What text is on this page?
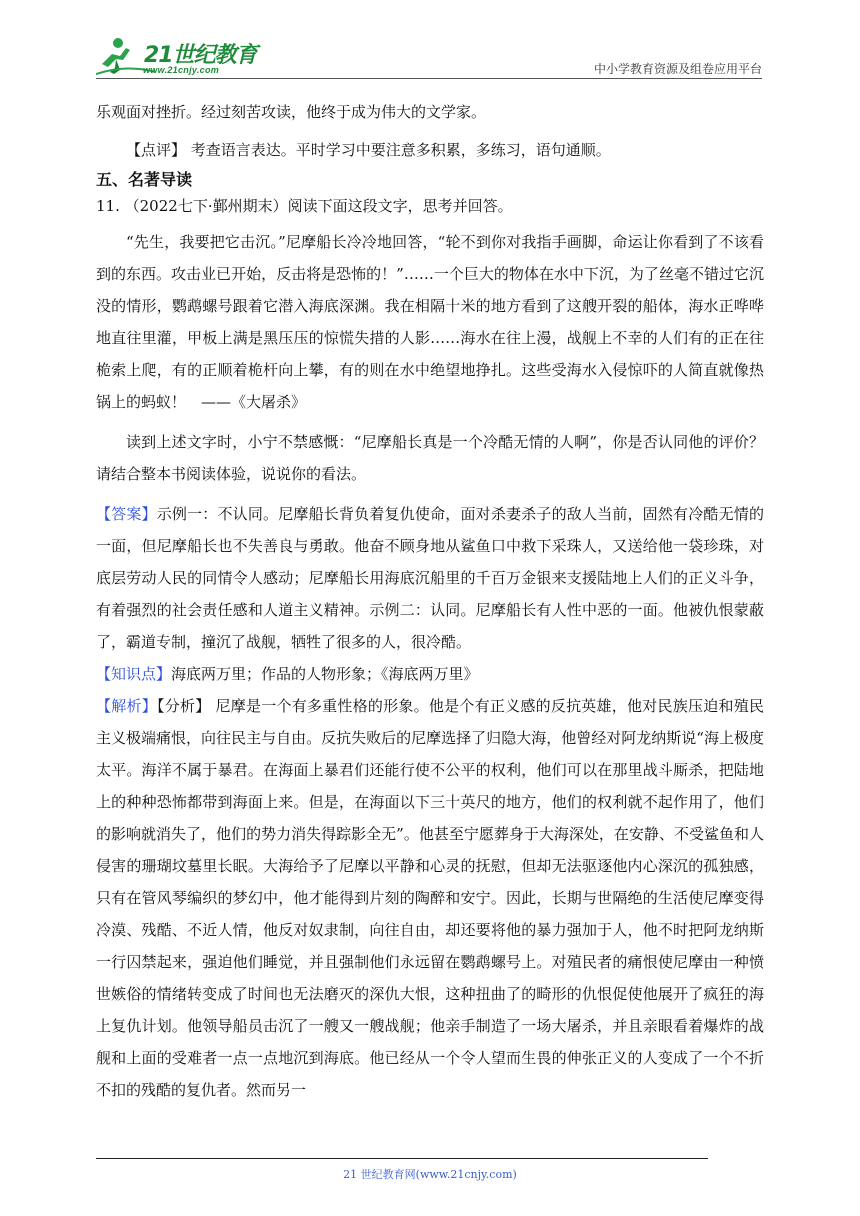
www.21cnjy.com
21世纪教育
中小学教育资源及组卷应用平台

乐观面对挫折。经过刻苦攻读，他终于成为伟大的文学家。

【点评】 考查语言表达。平时学习中要注意多积累，多练习，语句通顺。

五、名著导读

11. （2022七下·鄞州期末）阅读下面这段文字，思考并回答。

“先生，我要把它击沉。”尼摩船长冷冷地回答，“轮不到你对我指手画脚，命运让你看到了不该看到的东西。攻击业已开始，反击将是恐怖的！”……一个巨大的物体在水中下沉，为了丝毫不错过它沉没的情形，鹦鹉螺号跟着它潜入海底深渊。我在相隔十米的地方看到了这艘开裂的船体，海水正哗哗地直往里灌，甲板上满是黑压压的惊慌失措的人影……海水在往上漫，战舰上不幸的人们有的正在往桅索上爬，有的正顺着桅杆向上攀，有的则在水中绝望地挣扎。这些受海水入侵惊吓的人简直就像热锅上的蚂蚁！　——《大屠杀》

读到上述文字时，小宁不禁感慨：“尼摩船长真是一个冷酷无情的人啊”，你是否认同他的评价？请结合整本书阅读体验，说说你的看法。

【答案】示例一：不认同。尼摩船长背负着复仇使命，面对杀妻杀子的敌人当前，固然有冷酷无情的一面，但尼摩船长也不失善良与勇敢。他奋不顾身地从鲨鱼口中救下采珠人，又送给他一袋珍珠，对底层劳动人民的同情令人感动；尼摩船长用海底沉船里的千百万金银来支援陆地上人们的正义斗争，有着强烈的社会责任感和人道主义精神。示例二：认同。尼摩船长有人性中恶的一面。他被仇恨蒙蔽了，霸道专制，撞沉了战舰，牺牲了很多的人，很冷酷。

【知识点】海底两万里；作品的人物形象；《海底两万里》

【解析】【分析】 尼摩是一个有多重性格的形象。他是个有正义感的反抗英雄，他对民族压迫和殖民主义极端痛恨，向往民主与自由。反抗失败后的尼摩选择了归隐大海，他曾经对阿龙纳斯说“海上极度太平。海洋不属于暴君。在海面上暴君们还能行使不公平的权利，他们可以在那里战斗厮杀，把陆地上的种种恐怖都带到海面上来。但是，在海面以下三十英尺的地方，他们的权利就不起作用了，他们的影响就消失了，他们的势力消失得踪影全无”。他甚至宁愿葬身于大海深处，在安静、不受鲨鱼和人侵害的珊瑚坟墓里长眠。大海给予了尼摩以平静和心灵的抚慰，但却无法驱逐他内心深沉的孤独感，只有在管风琴编织的梦幻中，他才能得到片刻的陶醉和安宁。因此，长期与世隔绝的生活使尼摩变得冷漠、残酷、不近人情，他反对奴隶制，向往自由，却还要将他的暴力强加于人，他不时把阿龙纳斯一行囚禁起来，强迫他们睡觉，并且强制他们永远留在鹦鹉螺号上。对殖民者的痛恨使尼摩由一种愤世嫉俗的情绪转变成了时间也无法磨灭的深仇大恨，这种扭曲了的畸形的仇恨促使他展开了疯狂的海上复仇计划。他领导船员击沉了一艘又一艘战舰；他亲手制造了一场大屠杀，并且亲眼看着爆炸的战舰和上面的受难者一点一点地沉到海底。他已经从一个令人望而生畏的伸张正义的人变成了一个不折不扣的残酷的复仇者。然而另一

21 世纪教育网(www.21cnjy.com)
